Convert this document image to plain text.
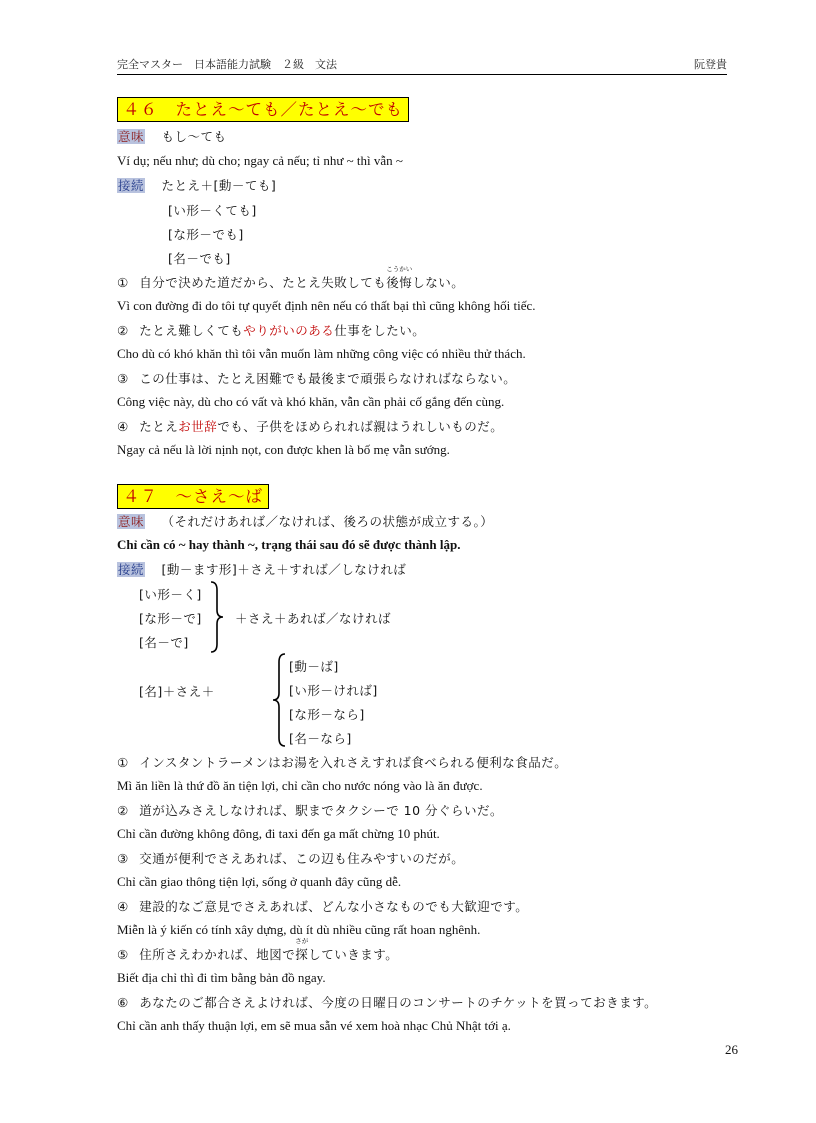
完全マスター　日本語能力試験　２級　文法	阮登貴
４６　たとえ〜ても／たとえ〜でも
意味 もし〜ても
Ví dụ; nếu như; dù cho; ngay cả nếu; tỉ như ~ thì vẫn ~
接続 たとえ＋[動－ても]
[い形－くても]
[な形－でも]
[名－でも]
① 自分で決めた道だから、たとえ失敗しても
こうかい
後悔しない。
Vì con đường đi do tôi tự quyết định nên nếu có thất bại thì cũng không hối tiếc.
② たとえ難しくてもやりがいのある仕事をしたい。
Cho dù có khó khăn thì tôi vẫn muốn làm những công việc có nhiều thử thách.
③ この仕事は、たとえ困難でも最後まで頑張らなければならない。
Công việc này, dù cho có vất và khó khăn, vẫn cần phải cố gắng đến cùng.
④ たとえお世辞でも、子供をほめられれば親はうれしいものだ。
Ngay cả nếu là lời nịnh nọt, con được khen là bố mẹ vẫn sướng.
４７　〜さえ〜ば
意味 （それだけあれば／なければ、後ろの状態が成立する。）
Chỉ cần có ~ hay thành ~, trạng thái sau đó sẽ được thành lập.
接続 [動－ます形]＋さえ＋すれば／しなければ
[い形－く]
[な形－で]
[名－で]
＋さえ＋あれば／なければ
[名]＋さえ＋
[動－ば]
[い形－ければ]
[な形－なら]
[名－なら]
① インスタントラーメンはお湯を入れさえすれば食べられる便利な食品だ。
Mì ăn liền là thứ đồ ăn tiện lợi, chỉ cần cho nước nóng vào là ăn được.
② 道が込みさえしなければ、駅までタクシーで 10 分ぐらいだ。
Chỉ cần đường không đông, đi taxi đến ga mất chừng 10 phút.
③ 交通が便利でさえあれば、この辺も住みやすいのだが。
Chỉ cần giao thông tiện lợi, sống ở quanh đây cũng dễ.
④ 建設的なご意見でさえあれば、どんな小さなものでも大歓迎です。
Miễn là ý kiến có tính xây dựng, dù ít dù nhiều cũng rất hoan nghênh.
⑤ 住所さえわかれば、地図で
さが
探していきます。
Biết địa chỉ thì đi tìm bằng bản đồ ngay.
⑥ あなたのご都合さえよければ、今度の日曜日のコンサートのチケットを買っておきます。
Chỉ cần anh thấy thuận lợi, em sẽ mua sẵn vé xem hoà nhạc Chủ Nhật tới ạ.
26
